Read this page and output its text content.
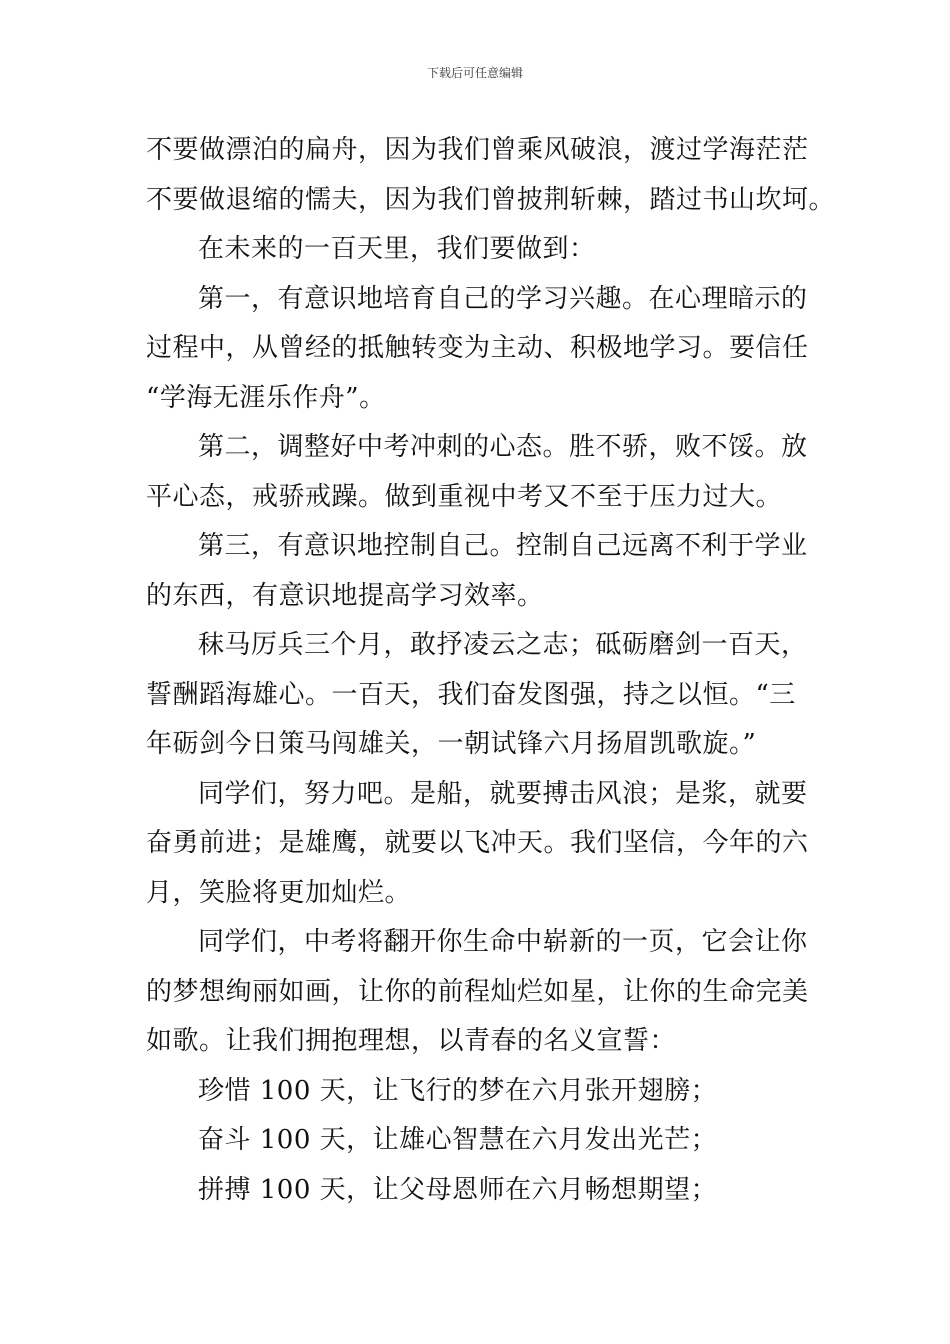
下载后可任意编辑

不要做漂泊的扁舟，因为我们曾乘风破浪，渡过学海茫茫

不要做退缩的懦夫，因为我们曾披荆斩棘，踏过书山坎坷。

在未来的一百天里，我们要做到：

第一，有意识地培育自己的学习兴趣。在心理暗示的

过程中，从曾经的抵触转变为主动、积极地学习。要信任

“学海无涯乐作舟”。

第二，调整好中考冲刺的心态。胜不骄，败不馁。放

平心态，戒骄戒躁。做到重视中考又不至于压力过大。

第三，有意识地控制自己。控制自己远离不利于学业

的东西，有意识地提高学习效率。

秣马厉兵三个月，敢抒凌云之志；砥砺磨剑一百天，

誓酬蹈海雄心。一百天，我们奋发图强，持之以恒。“三

年砺剑今日策马闯雄关，一朝试锋六月扬眉凯歌旋。”

同学们，努力吧。是船，就要搏击风浪；是浆，就要

奋勇前进；是雄鹰，就要以飞冲天。我们坚信，今年的六

月，笑脸将更加灿烂。

同学们，中考将翻开你生命中崭新的一页，它会让你

的梦想绚丽如画，让你的前程灿烂如星，让你的生命完美

如歌。让我们拥抱理想，以青春的名义宣誓：

珍惜 100 天，让飞行的梦在六月张开翅膀；

奋斗 100 天，让雄心智慧在六月发出光芒；

拼搏 100 天，让父母恩师在六月畅想期望；
